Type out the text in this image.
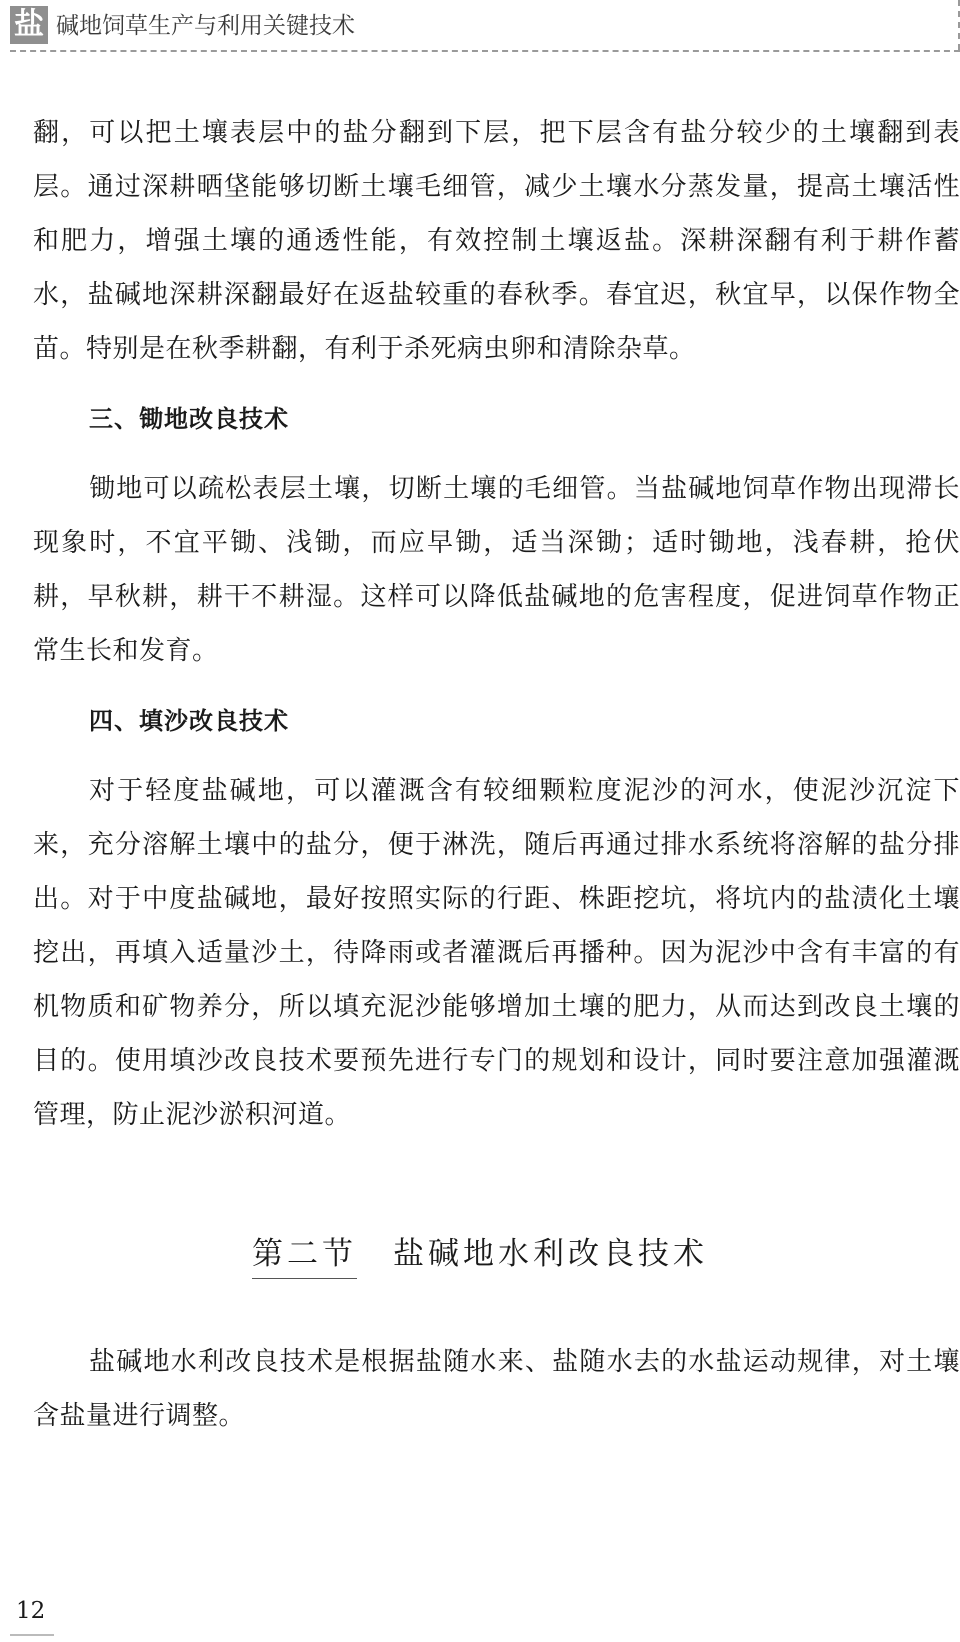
盐 碱地饲草生产与利用关键技术

翻，可以把土壤表层中的盐分翻到下层，把下层含有盐分较少的土壤翻到表层。通过深耕晒垡能够切断土壤毛细管，减少土壤水分蒸发量，提高土壤活性和肥力，增强土壤的通透性能，有效控制土壤返盐。深耕深翻有利于耕作蓄水，盐碱地深耕深翻最好在返盐较重的春秋季。春宜迟，秋宜早，以保作物全苗。特别是在秋季耕翻，有利于杀死病虫卵和清除杂草。

三、锄地改良技术

锄地可以疏松表层土壤，切断土壤的毛细管。当盐碱地饲草作物出现滞长现象时，不宜平锄、浅锄，而应早锄，适当深锄；适时锄地，浅春耕，抢伏耕，早秋耕，耕干不耕湿。这样可以降低盐碱地的危害程度，促进饲草作物正常生长和发育。

四、填沙改良技术

对于轻度盐碱地，可以灌溉含有较细颗粒度泥沙的河水，使泥沙沉淀下来，充分溶解土壤中的盐分，便于淋洗，随后再通过排水系统将溶解的盐分排出。对于中度盐碱地，最好按照实际的行距、株距挖坑，将坑内的盐渍化土壤挖出，再填入适量沙土，待降雨或者灌溉后再播种。因为泥沙中含有丰富的有机物质和矿物养分，所以填充泥沙能够增加土壤的肥力，从而达到改良土壤的目的。使用填沙改良技术要预先进行专门的规划和设计，同时要注意加强灌溉管理，防止泥沙淤积河道。

第二节 盐碱地水利改良技术

盐碱地水利改良技术是根据盐随水来、盐随水去的水盐运动规律，对土壤含盐量进行调整。

12
